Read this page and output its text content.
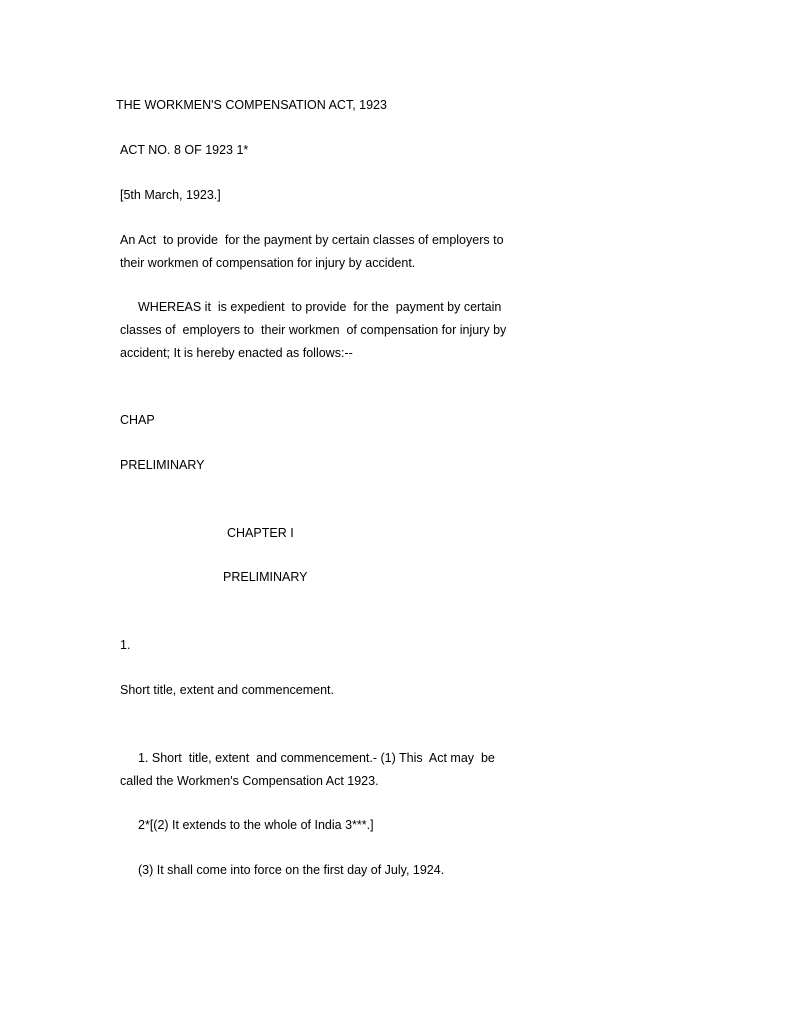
THE WORKMEN'S COMPENSATION ACT, 1923
ACT NO. 8 OF 1923 1*
[5th March, 1923.]
An Act  to provide  for the payment by certain classes of employers to
their workmen of compensation for injury by accident.
WHEREAS it  is expedient  to provide  for the  payment by certain
classes of  employers to  their workmen  of compensation for injury by
accident; It is hereby enacted as follows:--
CHAP
PRELIMINARY
CHAPTER I
PRELIMINARY
1.
Short title, extent and commencement.
1. Short  title, extent  and commencement.- (1) This  Act may  be
called the Workmen's Compensation Act 1923.
2*[(2) It extends to the whole of India 3***.]
(3) It shall come into force on the first day of July, 1924.
